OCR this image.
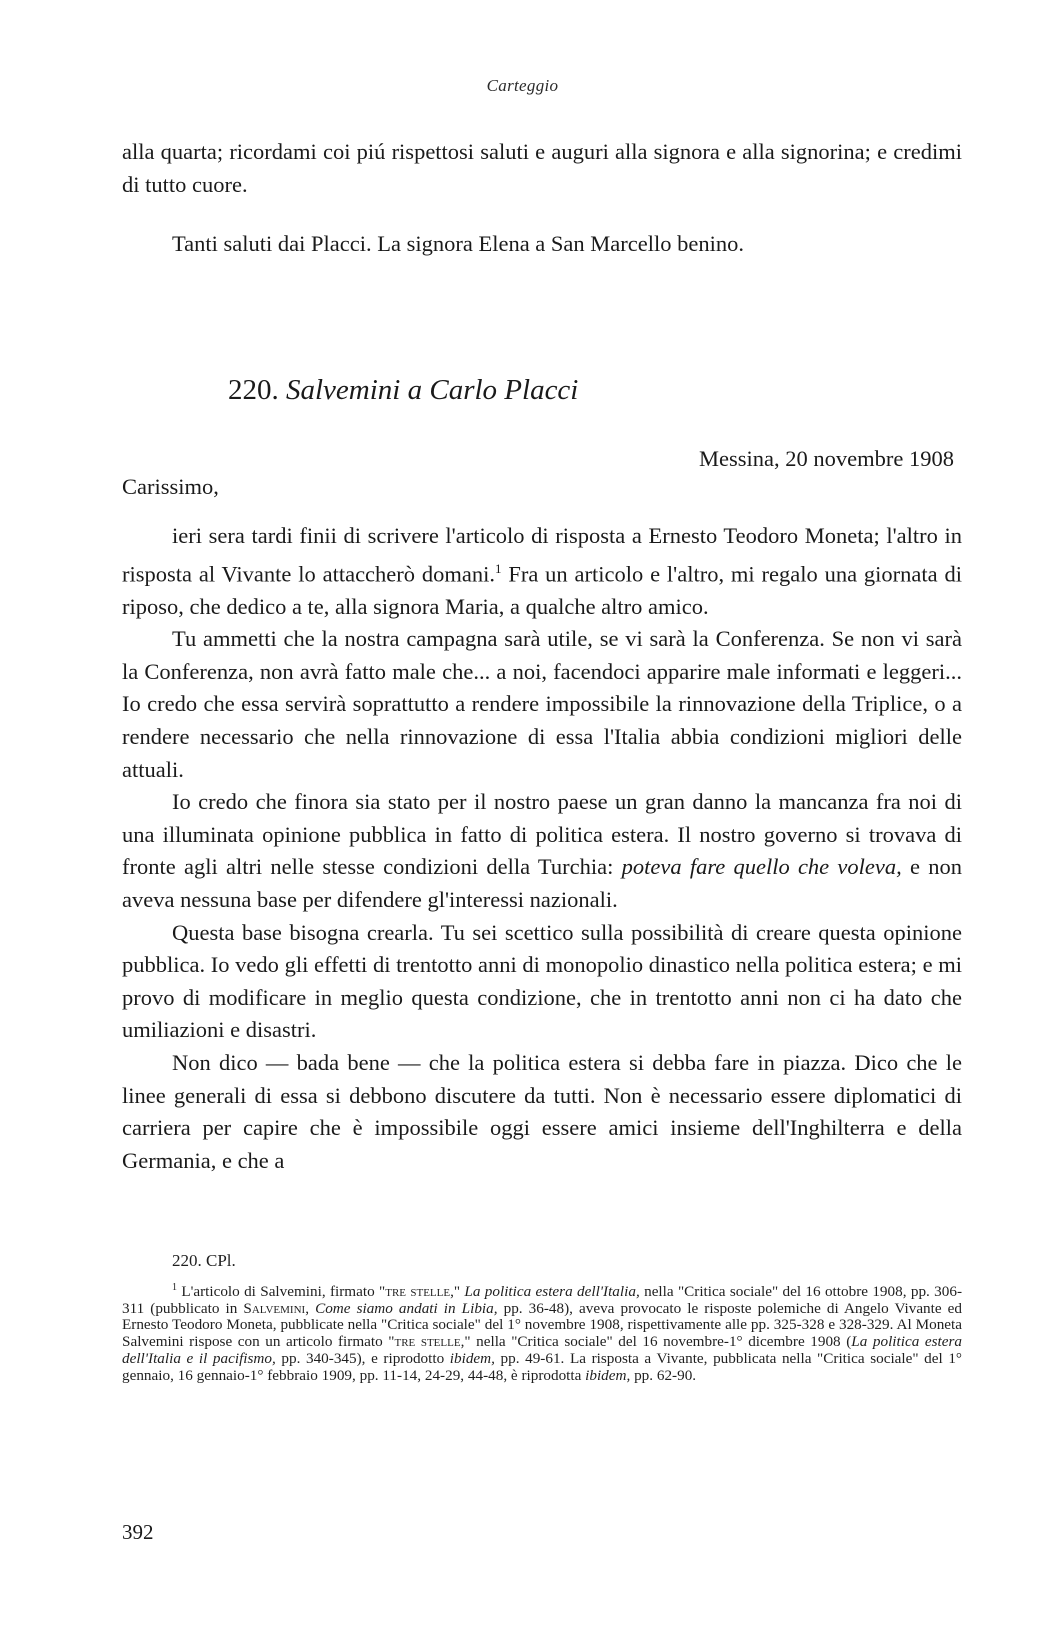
Carteggio

alla quarta; ricordami coi piú rispettosi saluti e auguri alla signora e alla signorina; e credimi di tutto cuore.

Tanti saluti dai Placci. La signora Elena a San Marcello benino.
220. Salvemini a Carlo Placci
Messina, 20 novembre 1908
Carissimo,

ieri sera tardi finii di scrivere l'articolo di risposta a Ernesto Teodoro Moneta; l'altro in risposta al Vivante lo attaccherò domani.$^1$ Fra un articolo e l'altro, mi regalo una giornata di riposo, che dedico a te, alla signora Maria, a qualche altro amico.

Tu ammetti che la nostra campagna sarà utile, se vi sarà la Conferenza. Se non vi sarà la Conferenza, non avrà fatto male che... a noi, facendoci apparire male informati e leggeri... Io credo che essa servirà soprattutto a rendere impossibile la rinnovazione della Triplice, o a rendere necessario che nella rinnovazione di essa l'Italia abbia condizioni migliori delle attuali.

Io credo che finora sia stato per il nostro paese un gran danno la mancanza fra noi di una illuminata opinione pubblica in fatto di politica estera. Il nostro governo si trovava di fronte agli altri nelle stesse condizioni della Turchia: poteva fare quello che voleva, e non aveva nessuna base per difendere gl'interessi nazionali.

Questa base bisogna crearla. Tu sei scettico sulla possibilità di creare questa opinione pubblica. Io vedo gli effetti di trentotto anni di monopolio dinastico nella politica estera; e mi provo di modificare in meglio questa condizione, che in trentotto anni non ci ha dato che umiliazioni e disastri.

Non dico — bada bene — che la politica estera si debba fare in piazza. Dico che le linee generali di essa si debbono discutere da tutti. Non è necessario essere diplomatici di carriera per capire che è impossibile oggi essere amici insieme dell'Inghilterra e della Germania, e che a

220. CPl.

$^1$ L'articolo di Salvemini, firmato "tre stelle," La politica estera dell'Italia, nella "Critica sociale" del 16 ottobre 1908, pp. 306-311 (pubblicato in Salvemini, Come siamo andati in Libia, pp. 36-48), aveva provocato le risposte polemiche di Angelo Vivante ed Ernesto Teodoro Moneta, pubblicate nella "Critica sociale" del 1° novembre 1908, rispettivamente alle pp. 325-328 e 328-329. Al Moneta Salvemini rispose con un articolo firmato "tre stelle," nella "Critica sociale" del 16 novembre-1° dicembre 1908 (La politica estera dell'Italia e il pacifismo, pp. 340-345), e riprodotto ibidem, pp. 49-61. La risposta a Vivante, pubblicata nella "Critica sociale" del 1° gennaio, 16 gennaio-1° febbraio 1909, pp. 11-14, 24-29, 44-48, è riprodotta ibidem, pp. 62-90.

392
